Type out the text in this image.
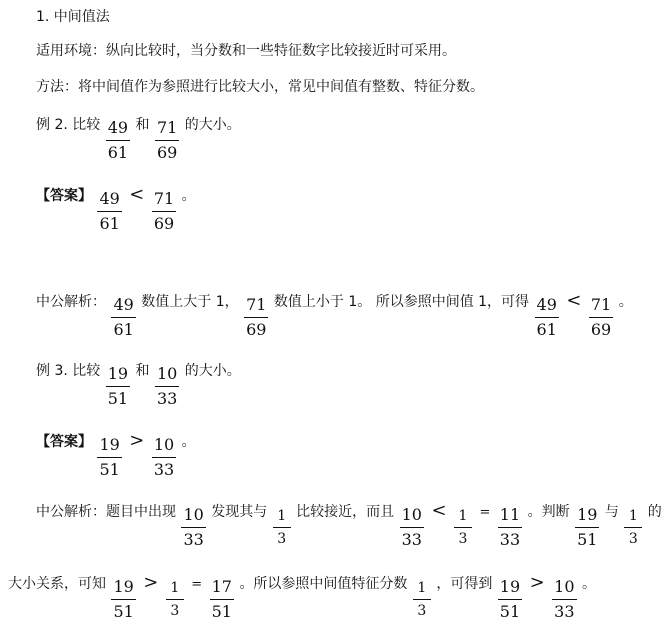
1. 中间值法
适用环境：纵向比较时，当分数和一些特征数字比较接近时可采用。
方法：将中间值作为参照进行比较大小，常见中间值有整数、特征分数。
例 2. 比较 $\frac{49}{61}$ 和 $\frac{71}{69}$ 的大小。
【答案】 $\frac{49}{61} < \frac{71}{69}$ 。
中公解析： $\frac{49}{61}$ 数值上大于 1， $\frac{71}{69}$ 数值上小于 1。 所以参照中间值 1，可得 $\frac{49}{61} < \frac{71}{69}$ 。
例 3. 比较 $\frac{19}{51}$ 和 $\frac{10}{33}$ 的大小。
【答案】 $\frac{19}{51} > \frac{10}{33}$ 。
中公解析：题目中出现 $\frac{10}{33}$ 发现其与 $\frac{1}{3}$ 比较接近，而且 $\frac{10}{33} < \frac{1}{3} = \frac{11}{33}$ 。判断 $\frac{19}{51}$ 与 $\frac{1}{3}$ 的
大小关系，可知 $\frac{19}{51} > \frac{1}{3} = \frac{17}{51}$ 。所以参照中间值特征分数 $\frac{1}{3}$ ，可得到 $\frac{19}{51} > \frac{10}{33}$ 。
